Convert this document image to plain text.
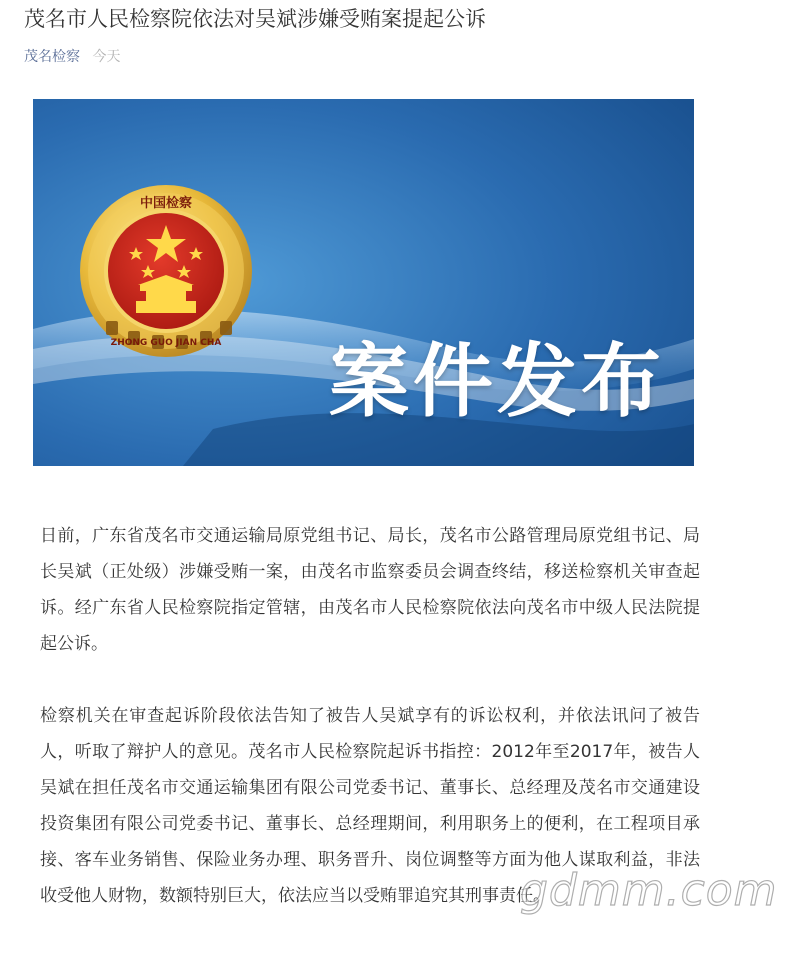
茂名市人民检察院依法对吴斌涉嫌受贿案提起公诉
茂名检察 今天
中国检察
ZHONG GUO JIAN CHA 案件发布

日前，广东省茂名市交通运输局原党组书记、局长，茂名市公路管理局原党组书记、局长吴斌（正处级）涉嫌受贿一案，由茂名市监察委员会调查终结，移送检察机关审查起诉。经广东省人民检察院指定管辖，由茂名市人民检察院依法向茂名市中级人民法院提起公诉。

检察机关在审查起诉阶段依法告知了被告人吴斌享有的诉讼权利，并依法讯问了被告人，听取了辩护人的意见。茂名市人民检察院起诉书指控：2012年至2017年，被告人吴斌在担任茂名市交通运输集团有限公司党委书记、董事长、总经理及茂名市交通建设投资集团有限公司党委书记、董事长、总经理期间，利用职务上的便利，在工程项目承接、客车业务销售、保险业务办理、职务晋升、岗位调整等方面为他人谋取利益，非法收受他人财物，数额特别巨大，依法应当以受贿罪追究其刑事责任。

gdmm.com
